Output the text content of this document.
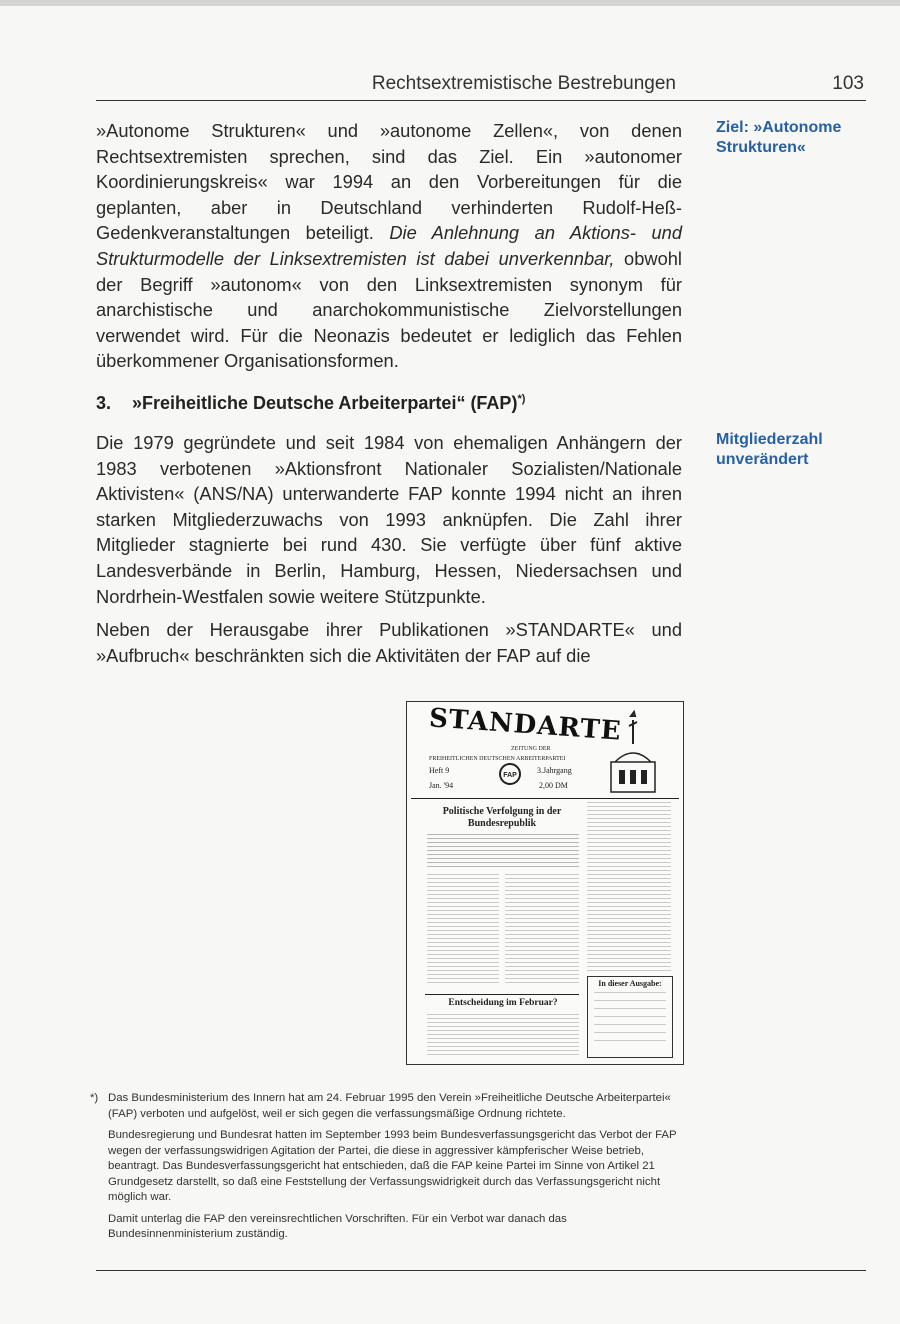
Rechtsextremistische Bestrebungen	103

»Autonome Strukturen« und »autonome Zellen«, von denen Rechtsextremisten sprechen, sind das Ziel. Ein »autonomer Koordinierungskreis« war 1994 an den Vorbereitungen für die geplanten, aber in Deutschland verhinderten Rudolf-Heß-Gedenkveranstaltungen beteiligt. Die Anlehnung an Aktions- und Strukturmodelle der Linksextremisten ist dabei unverkennbar, obwohl der Begriff »autonom« von den Linksextremisten synonym für anarchistische und anarchokommunistische Zielvorstellungen verwendet wird. Für die Neonazis bedeutet er lediglich das Fehlen überkommener Organisationsformen.

Ziel: »Autonome Strukturen«
3. »Freiheitliche Deutsche Arbeiterpartei“ (FAP)*)

Die 1979 gegründete und seit 1984 von ehemaligen Anhängern der 1983 verbotenen »Aktionsfront Nationaler Sozialisten/Nationale Aktivisten« (ANS/NA) unterwanderte FAP konnte 1994 nicht an ihren starken Mitgliederzuwachs von 1993 anknüpfen. Die Zahl ihrer Mitglieder stagnierte bei rund 430. Sie verfügte über fünf aktive Landesverbände in Berlin, Hamburg, Hessen, Niedersachsen und Nordrhein-Westfalen sowie weitere Stützpunkte.

Mitgliederzahl unverändert

Neben der Herausgabe ihrer Publikationen »STANDARTE« und »Aufbruch« beschränkten sich die Aktivitäten der FAP auf die

STANDARTE
ZEITUNG DER
FREIHEITLICHEN DEUTSCHEN ARBEITERPARTEI
Heft 9
Jan. '94
FAP
3.Jahrgang
2,00 DM
Politische Verfolgung in der Bundesrepublik
Entscheidung im Februar?
In dieser Ausgabe:
*) Das Bundesministerium des Innern hat am 24. Februar 1995 den Verein »Freiheitliche Deutsche Arbeiterpartei« (FAP) verboten und aufgelöst, weil er sich gegen die verfassungsmäßige Ordnung richtete.

Bundesregierung und Bundesrat hatten im September 1993 beim Bundesverfassungsgericht das Verbot der FAP wegen der verfassungswidrigen Agitation der Partei, die diese in aggressiver kämpferischer Weise betrieb, beantragt. Das Bundesverfassungsgericht hat entschieden, daß die FAP keine Partei im Sinne von Artikel 21 Grundgesetz darstellt, so daß eine Feststellung der Verfassungswidrigkeit durch das Verfassungsgericht nicht möglich war.

Damit unterlag die FAP den vereinsrechtlichen Vorschriften. Für ein Verbot war danach das Bundesinnenministerium zuständig.
